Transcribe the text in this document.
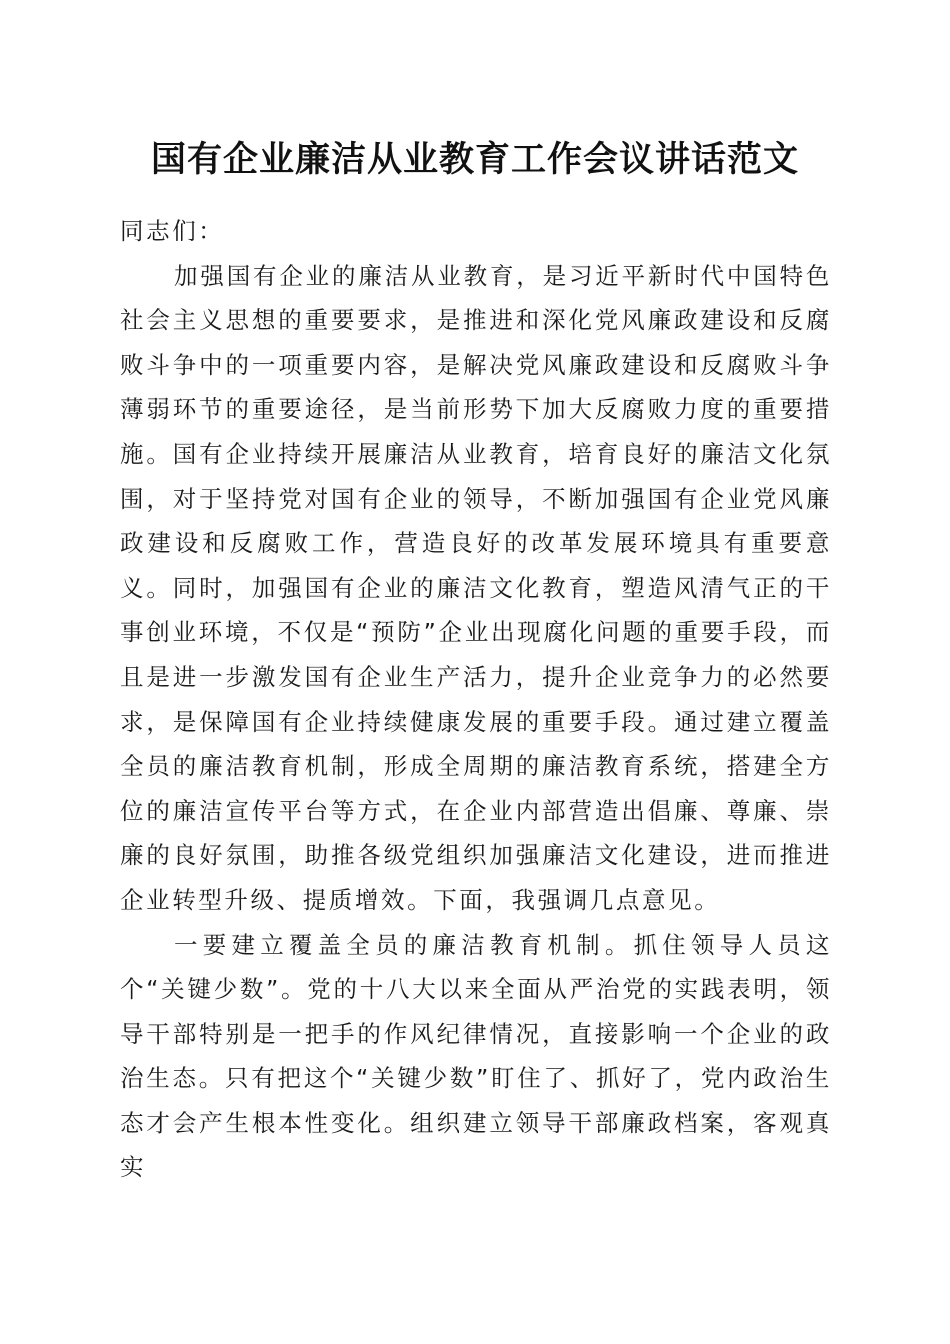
国有企业廉洁从业教育工作会议讲话范文

同志们：

加强国有企业的廉洁从业教育，是习近平新时代中国特色社会主义思想的重要要求，是推进和深化党风廉政建设和反腐败斗争中的一项重要内容，是解决党风廉政建设和反腐败斗争薄弱环节的重要途径，是当前形势下加大反腐败力度的重要措施。国有企业持续开展廉洁从业教育，培育良好的廉洁文化氛围，对于坚持党对国有企业的领导，不断加强国有企业党风廉政建设和反腐败工作，营造良好的改革发展环境具有重要意义。同时，加强国有企业的廉洁文化教育，塑造风清气正的干事创业环境，不仅是“预防”企业出现腐化问题的重要手段，而且是进一步激发国有企业生产活力，提升企业竞争力的必然要求，是保障国有企业持续健康发展的重要手段。通过建立覆盖全员的廉洁教育机制，形成全周期的廉洁教育系统，搭建全方位的廉洁宣传平台等方式，在企业内部营造出倡廉、尊廉、崇廉的良好氛围，助推各级党组织加强廉洁文化建设，进而推进企业转型升级、提质增效。下面，我强调几点意见。

一要建立覆盖全员的廉洁教育机制。抓住领导人员这个“关键少数”。党的十八大以来全面从严治党的实践表明，领导干部特别是一把手的作风纪律情况，直接影响一个企业的政治生态。只有把这个“关键少数”盯住了、抓好了，党内政治生态才会产生根本性变化。组织建立领导干部廉政档案，客观真实
